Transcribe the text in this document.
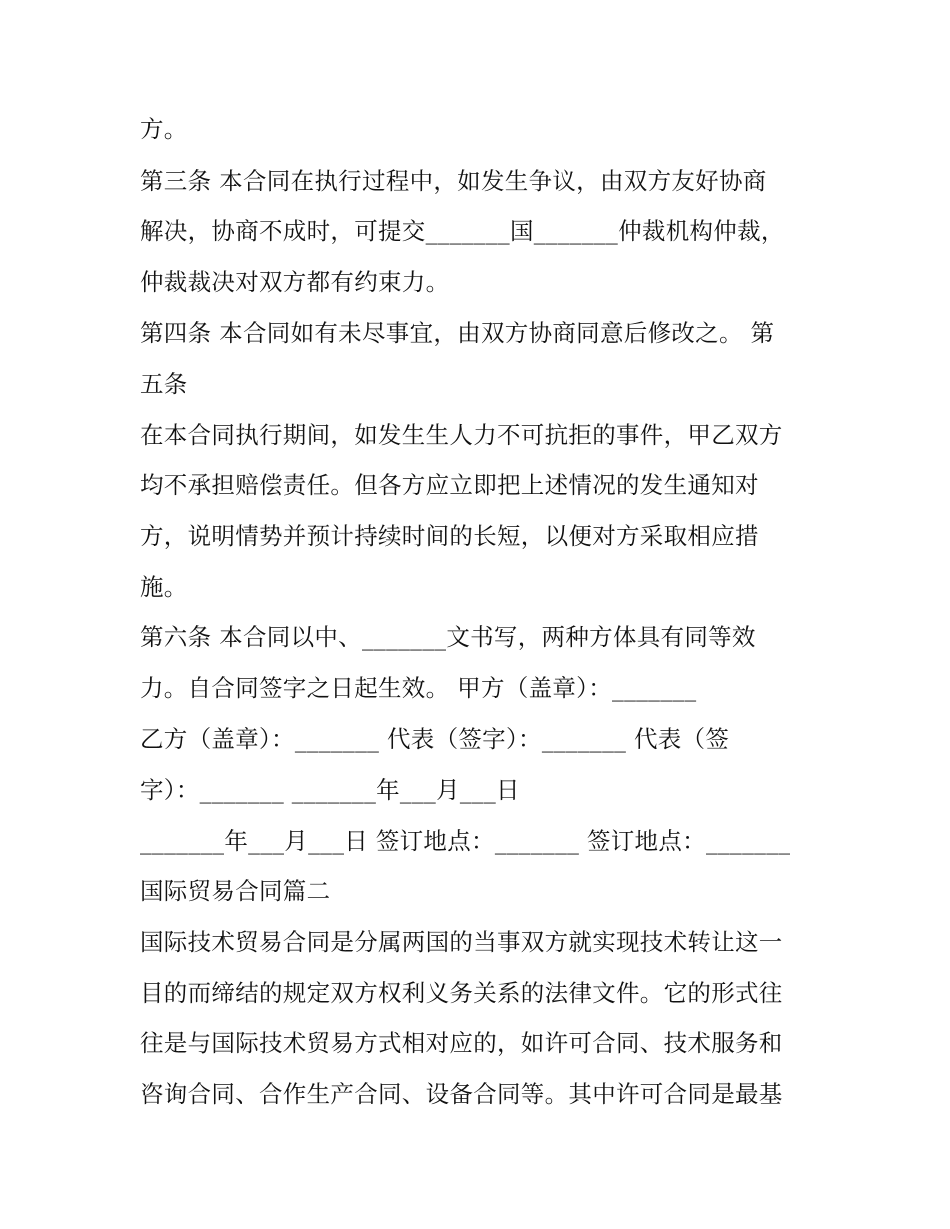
方。
第三条 本合同在执行过程中，如发生争议，由双方友好协商
解决，协商不成时，可提交_______国_______仲裁机构仲裁，
仲裁裁决对双方都有约束力。
第四条 本合同如有未尽事宜，由双方协商同意后修改之。 第
五条
在本合同执行期间，如发生生人力不可抗拒的事件，甲乙双方
均不承担赔偿责任。但各方应立即把上述情况的发生通知对
方，说明情势并预计持续时间的长短，以便对方采取相应措
施。
第六条 本合同以中、_______文书写，两种方体具有同等效
力。自合同签字之日起生效。 甲方（盖章）：_______
乙方（盖章）：_______ 代表（签字）：_______ 代表（签
字）：_______ _______年___月___日
_______年___月___日 签订地点：_______ 签订地点：_______
国际贸易合同篇二
国际技术贸易合同是分属两国的当事双方就实现技术转让这一
目的而缔结的规定双方权利义务关系的法律文件。它的形式往
往是与国际技术贸易方式相对应的，如许可合同、技术服务和
咨询合同、合作生产合同、设备合同等。其中许可合同是最基
